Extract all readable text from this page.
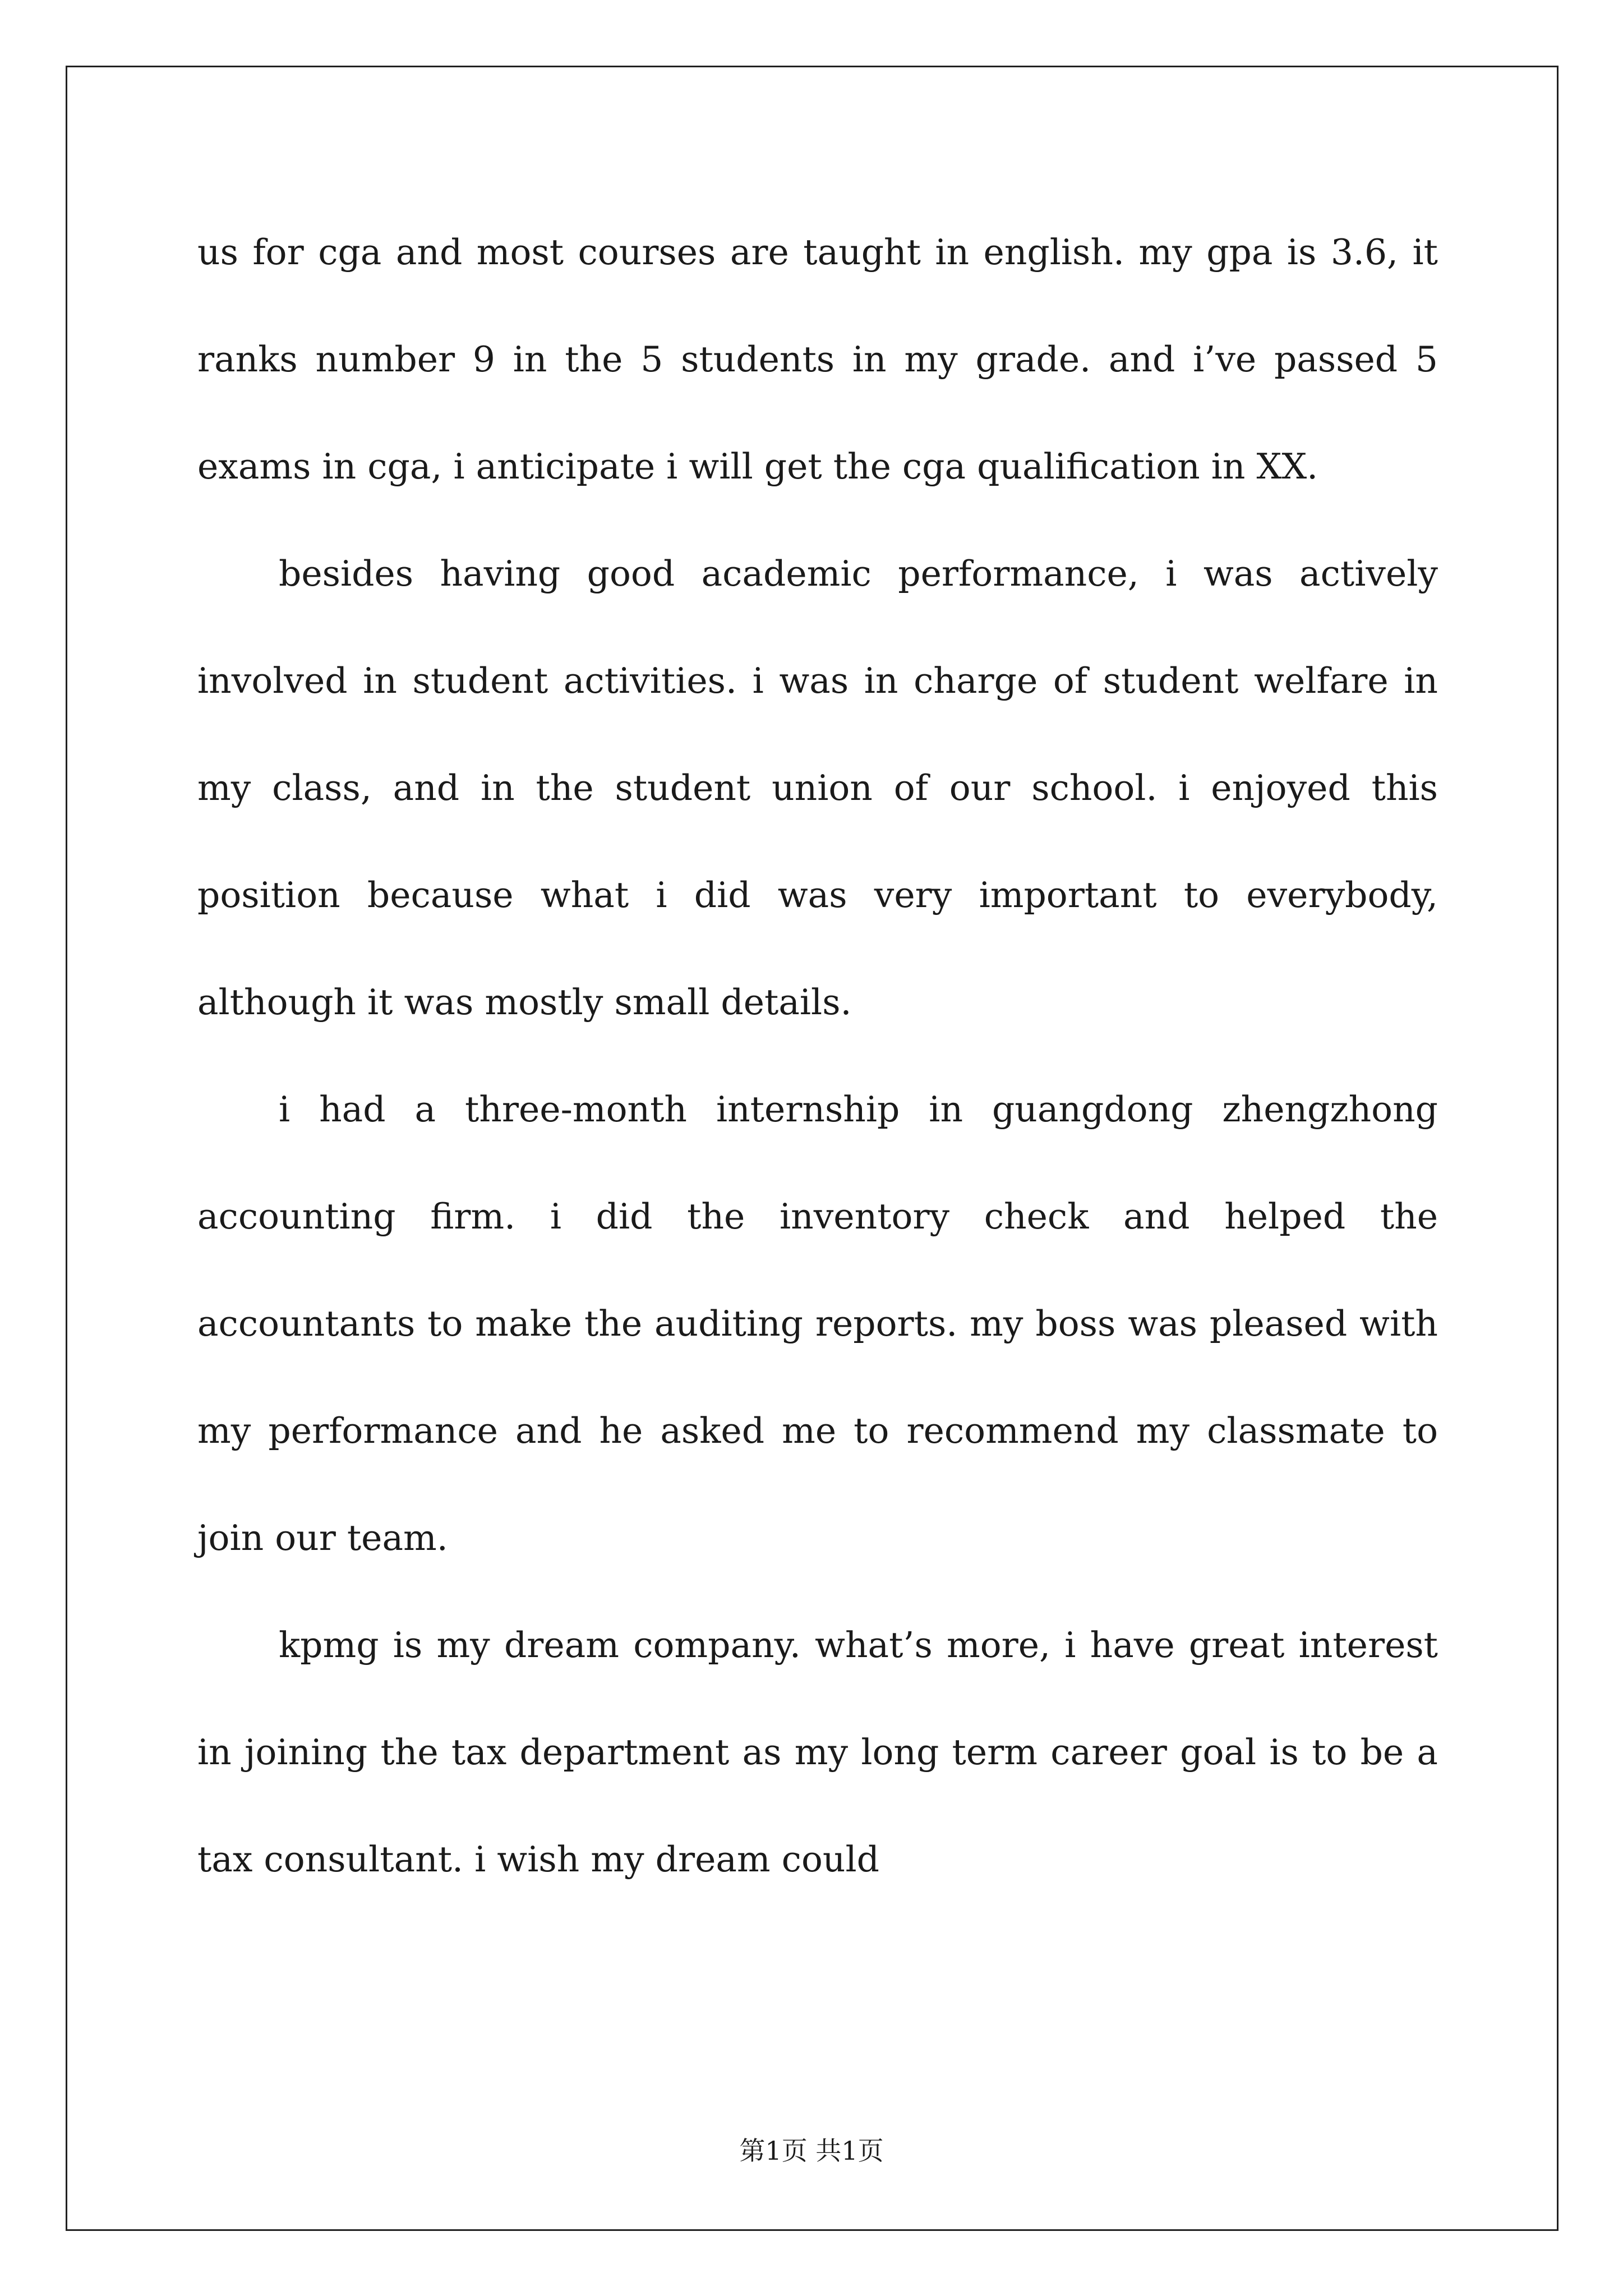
us for cga and most courses are taught in english. my gpa is 3.6, it ranks number 9 in the 5 students in my grade. and i’ve passed 5 exams in cga, i anticipate i will get the cga qualification in XX.

besides having good academic performance, i was actively involved in student activities. i was in charge of student welfare in my class, and in the student union of our school. i enjoyed this position because what i did was very important to everybody, although it was mostly small details.

i had a three-month internship in guangdong zhengzhong accounting firm. i did the inventory check and helped the accountants to make the auditing reports. my boss was pleased with my performance and he asked me to recommend my classmate to join our team.

kpmg is my dream company. what’s more, i have great interest in joining the tax department as my long term career goal is to be a tax consultant. i wish my dream could

第1页 共1页
